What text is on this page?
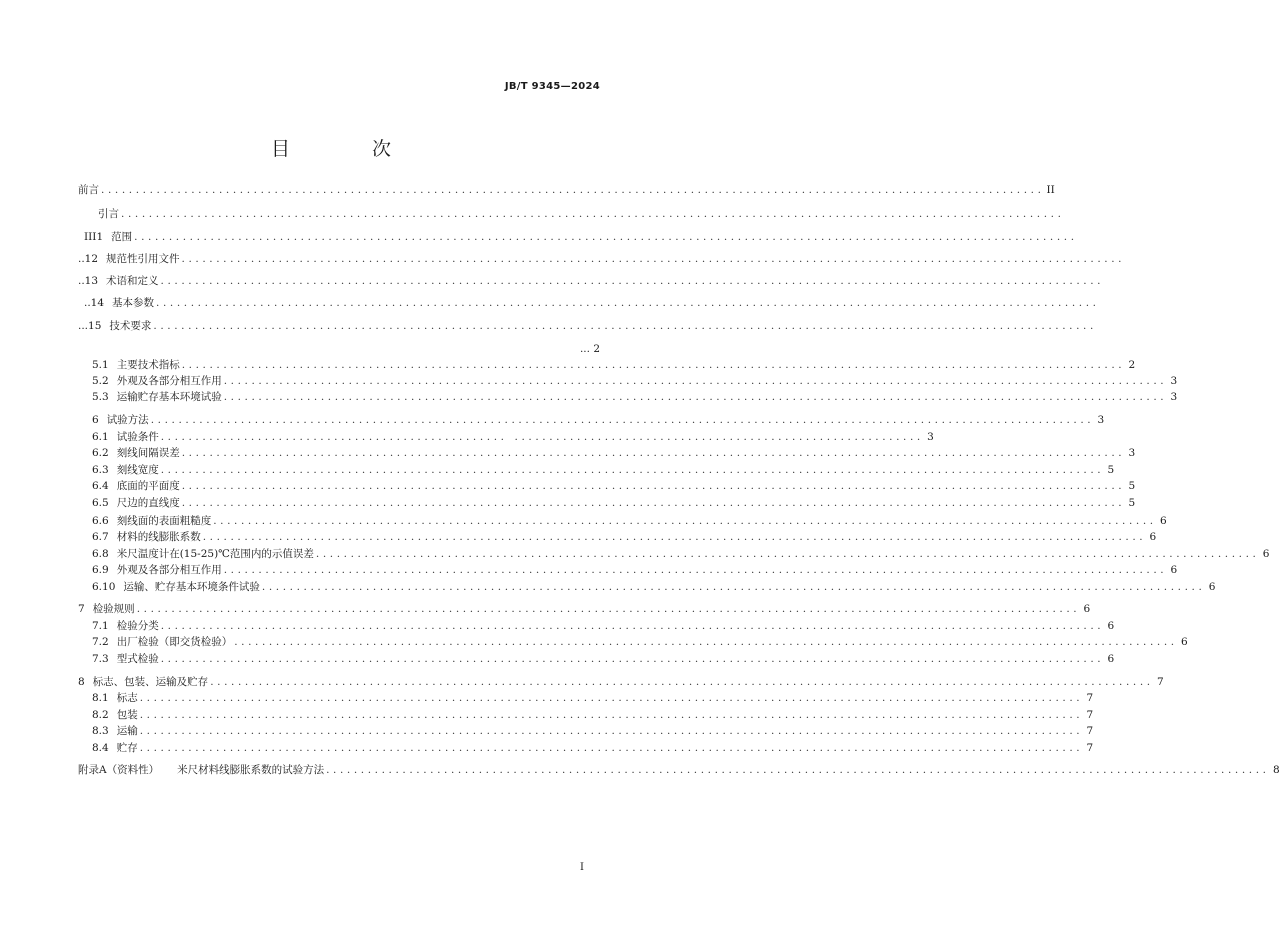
JB/T 9345—2024
目 次
前言 ........................................................................................................................................ II
引言 ........................................................................................................................................
III1 范围 ........................................................................................................................................
..12 规范性引用文件 ........................................................................................................................................
..13 术语和定义 ........................................................................................................................................
..14 基本参数 ........................................................................................................................................
...15 技术要求 ........................................................................................................................................
... 2
5.1 主要技术指标 ........................................................................................................................................ 2
5.2 外观及各部分相互作用 ........................................................................................................................................ 3
5.3 运输贮存基本环境试验 ........................................................................................................................................ 3
6 试验方法 ........................................................................................................................................ 3
6.1 试验条件 .................................................. ........................................................... 3
6.2 刻线间隔误差 ........................................................................................................................................ 3
6.3 刻线宽度 ........................................................................................................................................ 5
6.4 底面的平面度 ........................................................................................................................................ 5
6.5 尺边的直线度 ........................................................................................................................................ 5
6.6 刻线面的表面粗糙度 ........................................................................................................................................ 6
6.7 材料的线膨胀系数 ........................................................................................................................................ 6
6.8 米尺温度计在(15-25)℃范围内的示值误差 ........................................................................................................................................ 6
6.9 外观及各部分相互作用 ........................................................................................................................................ 6
6.10 运输、贮存基本环境条件试验 ........................................................................................................................................ 6
7 检验规则 ........................................................................................................................................ 6
7.1 检验分类 ........................................................................................................................................ 6
7.2 出厂检验（即交货检验） ........................................................................................................................................ 6
7.3 型式检验 ........................................................................................................................................ 6
8 标志、包装、运输及贮存 ........................................................................................................................................ 7
8.1 标志 ........................................................................................................................................ 7
8.2 包装 ........................................................................................................................................ 7
8.3 运输 ........................................................................................................................................ 7
8.4 贮存 ........................................................................................................................................ 7
附录A（资料性） 米尺材料线膨胀系数的试验方法 ........................................................................................................................................ 8
I
